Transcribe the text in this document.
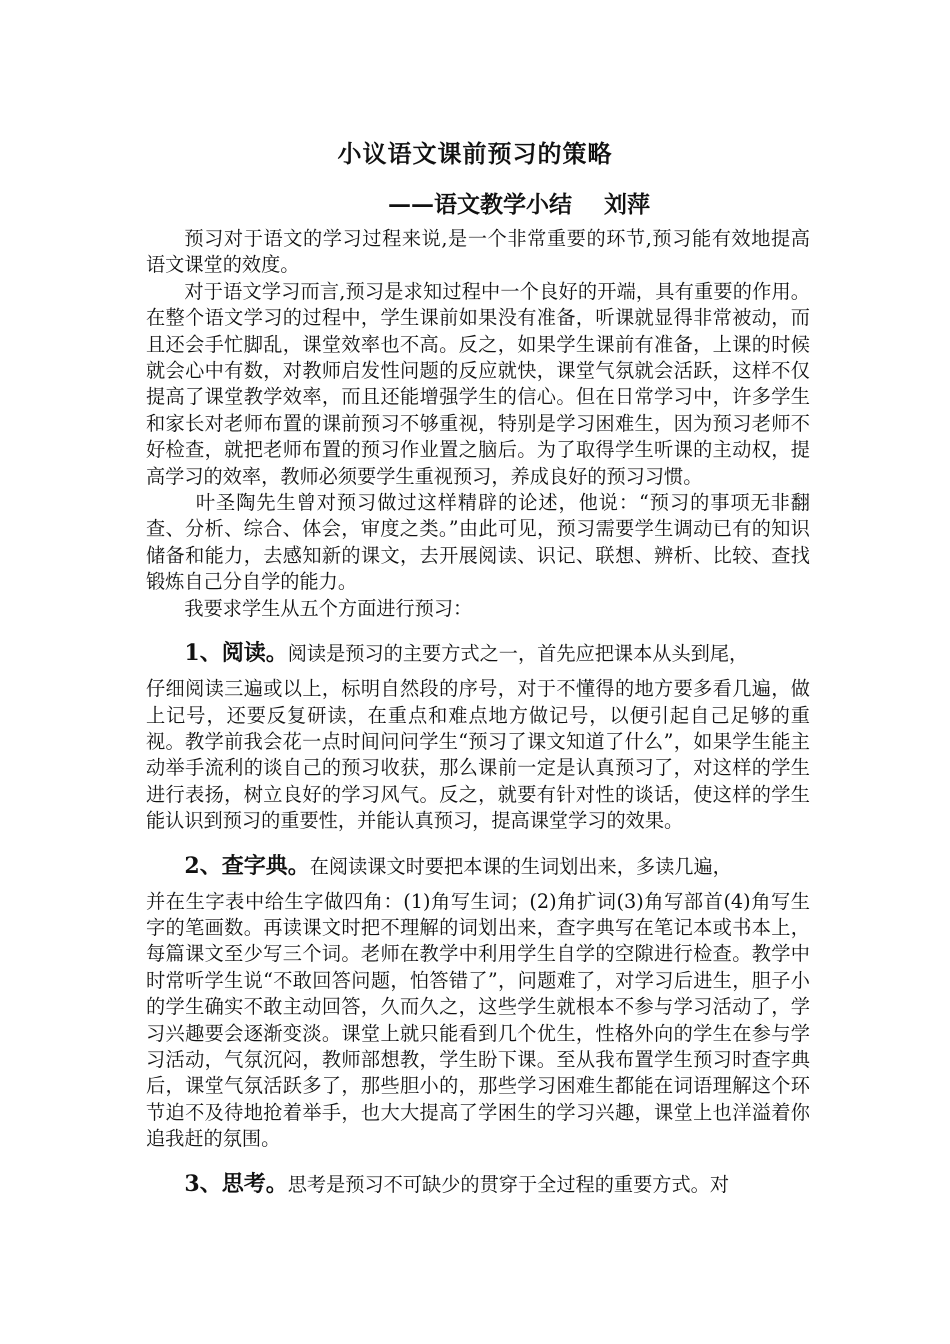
小议语文课前预习的策略
——语文教学小结    刘萍

预习对于语文的学习过程来说,是一个非常重要的环节,预习能有效地提高语文课堂的效度。

对于语文学习而言,预习是求知过程中一个良好的开端，具有重要的作用。在整个语文学习的过程中，学生课前如果没有准备，听课就显得非常被动，而且还会手忙脚乱，课堂效率也不高。反之，如果学生课前有准备，上课的时候就会心中有数，对教师启发性问题的反应就快，课堂气氛就会活跃，这样不仅提高了课堂教学效率，而且还能增强学生的信心。但在日常学习中，许多学生和家长对老师布置的课前预习不够重视，特别是学习困难生，因为预习老师不好检查，就把老师布置的预习作业置之脑后。为了取得学生听课的主动权，提高学习的效率，教师必须要学生重视预习，养成良好的预习习惯。

叶圣陶先生曾对预习做过这样精辟的论述，他说：“预习的事项无非翻查、分析、综合、体会，审度之类。”由此可见，预习需要学生调动已有的知识储备和能力，去感知新的课文，去开展阅读、识记、联想、辨析、比较、查找锻炼自己分自学的能力。

我要求学生从五个方面进行预习：

1、阅读。阅读是预习的主要方式之一，首先应把课本从头到尾，
仔细阅读三遍或以上，标明自然段的序号，对于不懂得的地方要多看几遍，做上记号，还要反复研读，在重点和难点地方做记号，以便引起自己足够的重视。教学前我会花一点时间问问学生“预习了课文知道了什么”，如果学生能主动举手流利的谈自己的预习收获，那么课前一定是认真预习了，对这样的学生进行表扬，树立良好的学习风气。反之，就要有针对性的谈话，使这样的学生能认识到预习的重要性，并能认真预习，提高课堂学习的效果。

2、查字典。在阅读课文时要把本课的生词划出来，多读几遍，
并在生字表中给生字做四角：(1)角写生词；(2)角扩词(3)角写部首(4)角写生字的笔画数。再读课文时把不理解的词划出来，查字典写在笔记本或书本上，每篇课文至少写三个词。老师在教学中利用学生自学的空隙进行检查。教学中时常听学生说“不敢回答问题，怕答错了”，问题难了，对学习后进生，胆子小的学生确实不敢主动回答，久而久之，这些学生就根本不参与学习活动了，学习兴趣要会逐渐变淡。课堂上就只能看到几个优生，性格外向的学生在参与学习活动，气氛沉闷，教师部想教，学生盼下课。至从我布置学生预习时查字典后，课堂气氛活跃多了，那些胆小的，那些学习困难生都能在词语理解这个环节迫不及待地抢着举手，也大大提高了学困生的学习兴趣，课堂上也洋溢着你追我赶的氛围。

3、思考。思考是预习不可缺少的贯穿于全过程的重要方式。对
